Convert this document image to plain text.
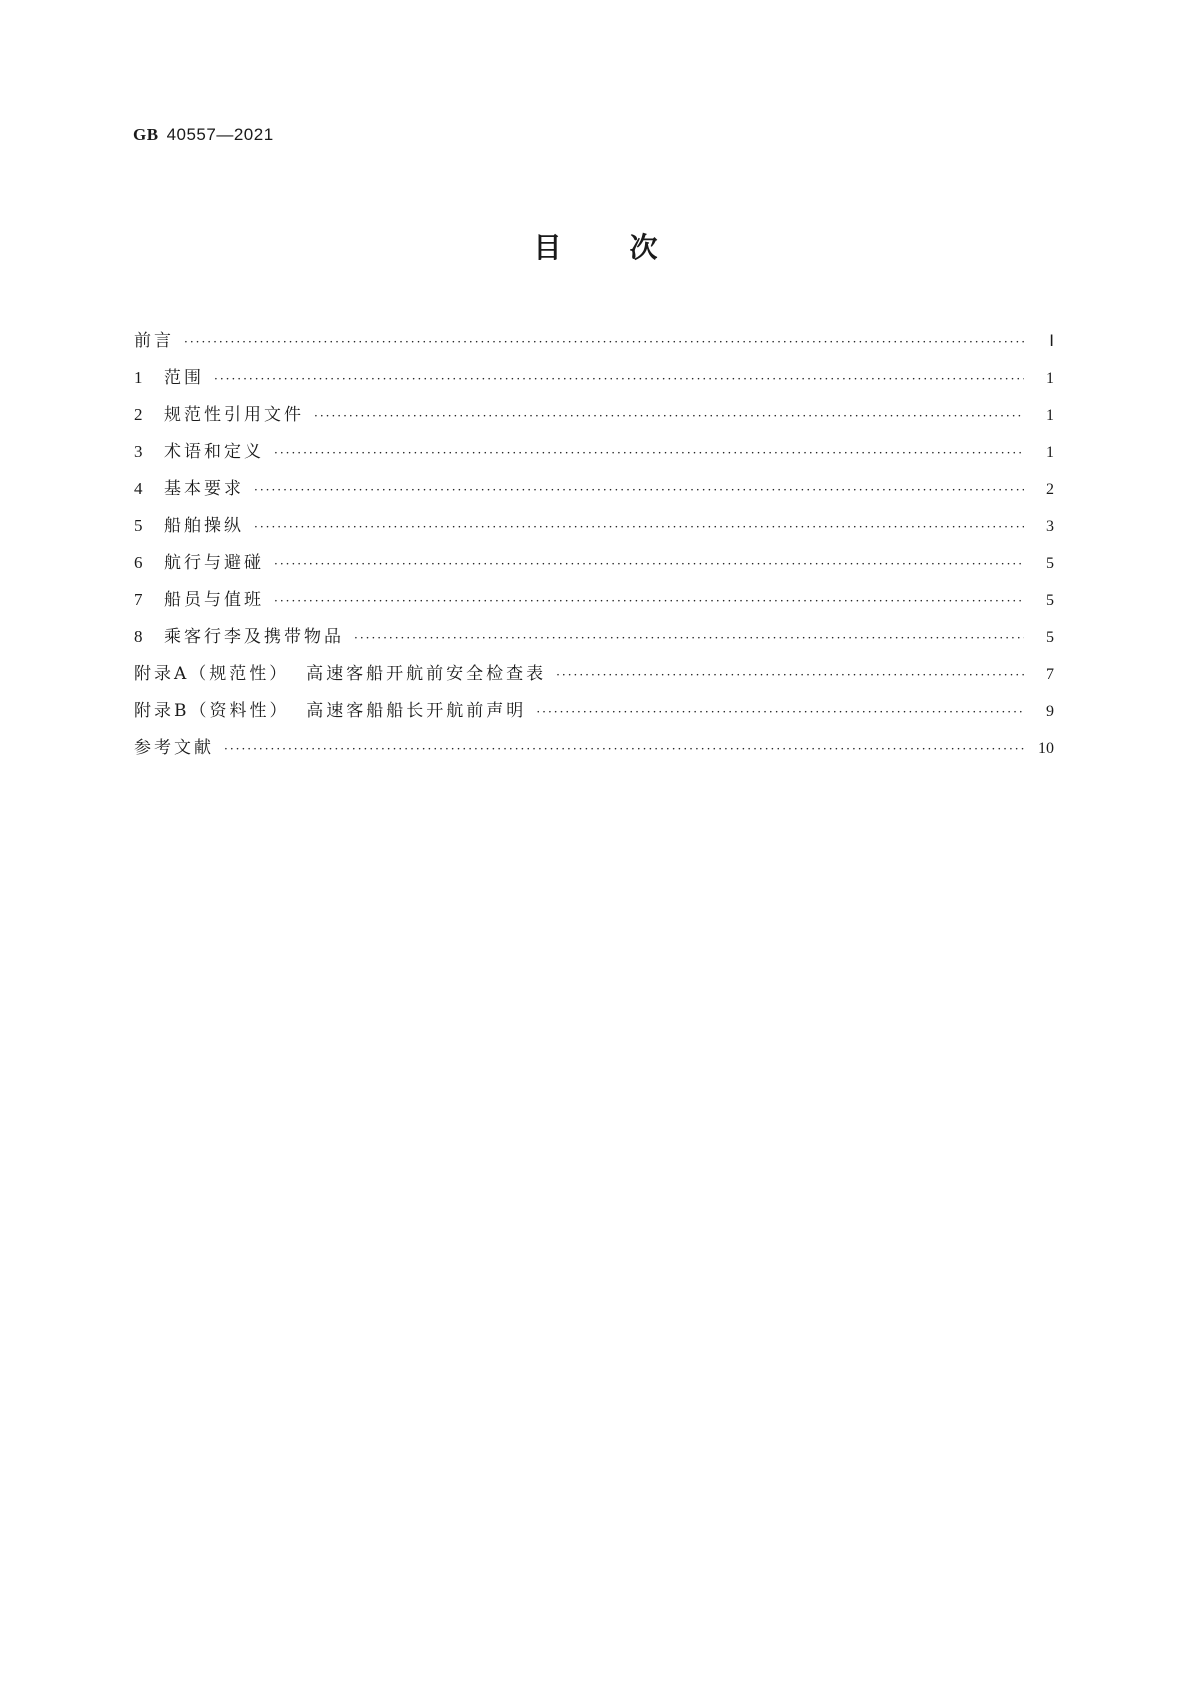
GB 40557—2021
目 次
前言 ·····	Ⅰ
1	范围 ·····	1
2	规范性引用文件 ·····	1
3	术语和定义 ·····	1
4	基本要求 ·····	2
5	船舶操纵 ·····	3
6	航行与避碰 ·····	5
7	船员与值班 ·····	5
8	乘客行李及携带物品 ·····	5
附录A（规范性）  高速客船开航前安全检查表 ·····	7
附录B（资料性）  高速客船船长开航前声明 ·····	9
参考文献 ·····	10
